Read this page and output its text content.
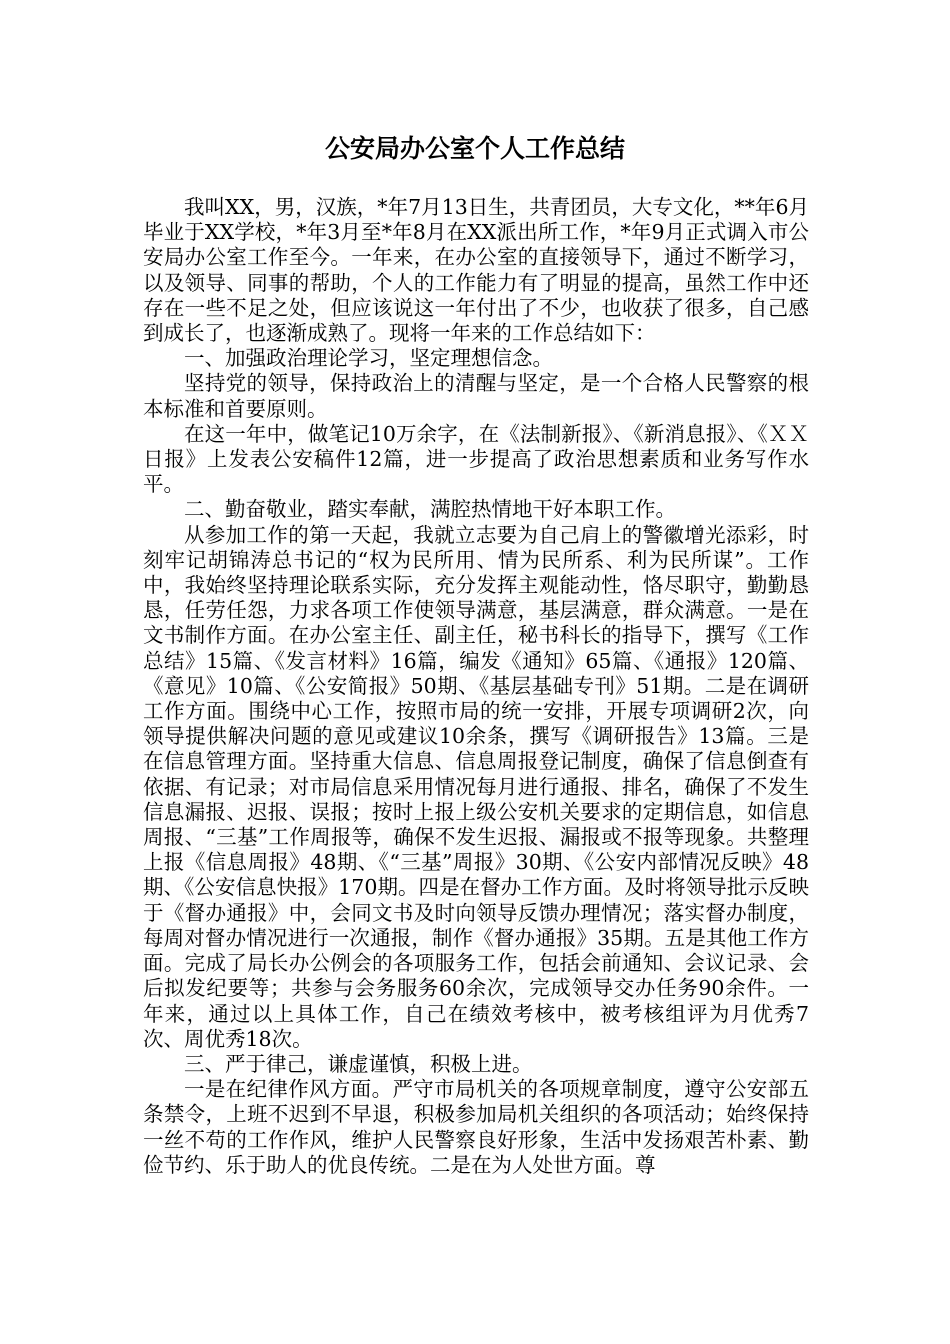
公安局办公室个人工作总结

我叫XX，男，汉族，*年7月13日生，共青团员，大专文化，**年6月毕业于XX学校，*年3月至*年8月在XX派出所工作，*年9月正式调入市公安局办公室工作至今。一年来，在办公室的直接领导下，通过不断学习，以及领导、同事的帮助，个人的工作能力有了明显的提高，虽然工作中还存在一些不足之处，但应该说这一年付出了不少，也收获了很多，自己感到成长了，也逐渐成熟了。现将一年来的工作总结如下：

一、加强政治理论学习，坚定理想信念。

坚持党的领导，保持政治上的清醒与坚定，是一个合格人民警察的根本标准和首要原则。

在这一年中，做笔记10万余字，在《法制新报》、《新消息报》、《ＸＸ日报》上发表公安稿件12篇，进一步提高了政治思想素质和业务写作水平。

二、勤奋敬业，踏实奉献，满腔热情地干好本职工作。

从参加工作的第一天起，我就立志要为自己肩上的警徽增光添彩，时刻牢记胡锦涛总书记的“权为民所用、情为民所系、利为民所谋”。工作中，我始终坚持理论联系实际，充分发挥主观能动性，恪尽职守，勤勤恳恳，任劳任怨，力求各项工作使领导满意，基层满意，群众满意。一是在文书制作方面。在办公室主任、副主任，秘书科长的指导下，撰写《工作总结》15篇、《发言材料》16篇，编发《通知》65篇、《通报》120篇、《意见》10篇、《公安简报》50期、《基层基础专刊》51期。二是在调研工作方面。围绕中心工作，按照市局的统一安排，开展专项调研2次，向领导提供解决问题的意见或建议10余条，撰写《调研报告》13篇。三是在信息管理方面。坚持重大信息、信息周报登记制度，确保了信息倒查有依据、有记录；对市局信息采用情况每月进行通报、排名，确保了不发生信息漏报、迟报、误报；按时上报上级公安机关要求的定期信息，如信息周报、“三基”工作周报等，确保不发生迟报、漏报或不报等现象。共整理上报《信息周报》48期、《“三基”周报》30期、《公安内部情况反映》48期、《公安信息快报》170期。四是在督办工作方面。及时将领导批示反映于《督办通报》中，会同文书及时向领导反馈办理情况；落实督办制度，每周对督办情况进行一次通报，制作《督办通报》35期。五是其他工作方面。完成了局长办公例会的各项服务工作，包括会前通知、会议记录、会后拟发纪要等；共参与会务服务60余次，完成领导交办任务90余件。一年来，通过以上具体工作，自己在绩效考核中，被考核组评为月优秀7次、周优秀18次。

三、严于律己，谦虚谨慎，积极上进。

一是在纪律作风方面。严守市局机关的各项规章制度，遵守公安部五条禁令，上班不迟到不早退，积极参加局机关组织的各项活动；始终保持一丝不苟的工作作风，维护人民警察良好形象，生活中发扬艰苦朴素、勤俭节约、乐于助人的优良传统。二是在为人处世方面。尊
